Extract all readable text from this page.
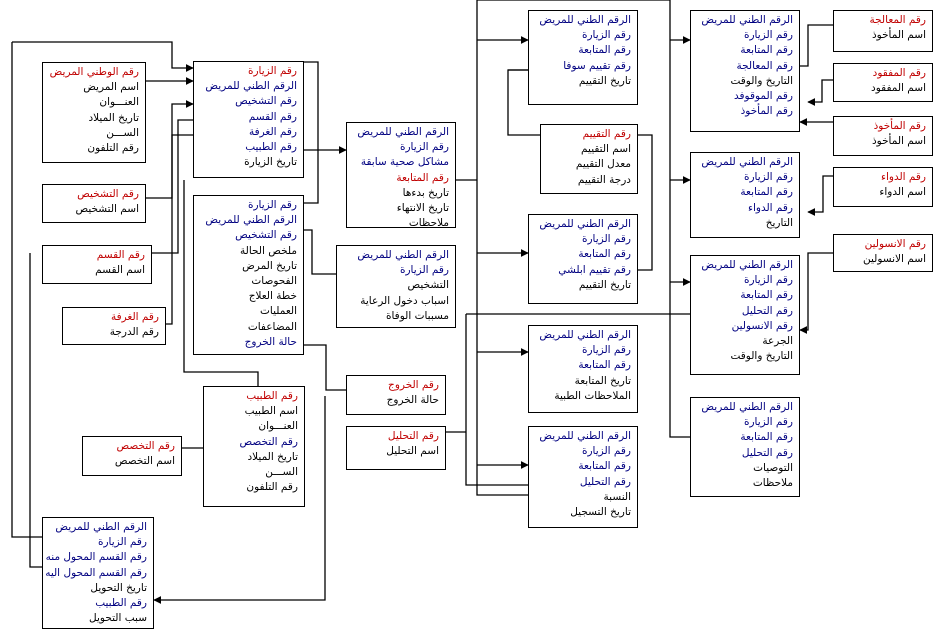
رقم الوطني المريض
اسم المريض
العنـــوان
تاريخ الميلاد
الســـن
رقم التلفون
رقم التشخيص
اسم التشخيص
رقم القسم
اسم القسم
رقم الغرفة
رقم الدرجة
رقم الزيارة
الرقم الطني للمريض
رقم التشخيص
رقم القسم
رقم الغرفة
رقم الطبيب
تاريخ الزيارة
رقم الزيارة
الرقم الطني للمريض
رقم التشخيص
ملخص الحالة
تاريخ المرض
الفحوصات
خطة العلاج
العمليات
المضاعفات
حالة الخروج
رقم الطبيب
اسم الطبيب
العنـــوان
رقم التخصص
تاريخ الميلاد
الســـن
رقم التلفون
رقم التخصص
اسم التخصص
الرقم الطني للمريض
رقم الزيارة
رقم القسم المحول منه
رقم القسم المحول اليه
تاريخ التحويل
رقم الطبيب
سبب التحويل
الرقم الطني للمريض
رقم الزيارة
مشاكل صحية سابقة
رقم المتابعة
تاريخ بدءها
تاريخ الانتهاء
ملاحظات
الرقم الطني للمريض
رقم الزيارة
التشخيص
اسباب دخول الرعاية
مسببات الوفاة
رقم الخروج
حالة الخروج
رقم التحليل
اسم التحليل
الرقم الطني للمريض
رقم الزيارة
رقم المتابعة
رقم تقييم سوفا
تاريخ التقييم
رقم التقييم
اسم التقييم
معدل التقييم
درجة التقييم
الرقم الطني للمريض
رقم الزيارة
رقم المتابعة
رقم تقييم ابلشي
تاريخ التقييم
الرقم الطني للمريض
رقم الزيارة
رقم المتابعة
تاريخ المتابعة
الملاحظات الطبية
الرقم الطني للمريض
رقم الزيارة
رقم المتابعة
رقم التحليل
النسبة
تاريخ التسجيل
الرقم الطني للمريض
رقم الزيارة
رقم المتابعة
رقم المعالجة
التاريخ والوقت
رقم الموقوفد
رقم المأخوذ
الرقم الطني للمريض
رقم الزيارة
رقم المتابعة
رقم الدواء
التاريخ
الرقم الطني للمريض
رقم الزيارة
رقم المتابعة
رقم التحليل
رقم الانسولين
الجرعة
التاريخ والوقت
الرقم الطني للمريض
رقم الزيارة
رقم المتابعة
رقم التحليل
التوصيات
ملاحظات
رقم المعالجة
اسم المأخوذ
رقم المفقود
اسم المفقود
رقم المأخوذ
اسم المأخوذ
رقم الدواء
اسم الدواء
رقم الانسولين
اسم الانسولين
